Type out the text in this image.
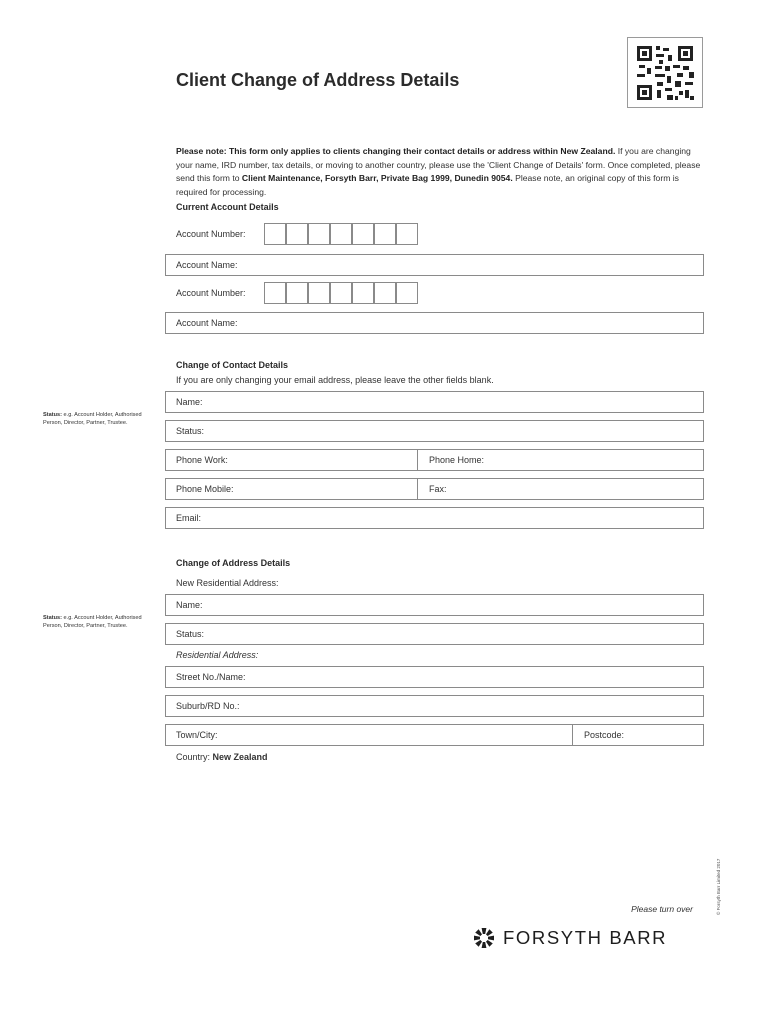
Client Change of Address Details
Please note: This form only applies to clients changing their contact details or address within New Zealand. If you are changing your name, IRD number, tax details, or moving to another country, please use the 'Client Change of Details' form. Once completed, please send this form to Client Maintenance, Forsyth Barr, Private Bag 1999, Dunedin 9054. Please note, an original copy of this form is required for processing.
Current Account Details
Account Number:
Account Name:
Account Number:
Account Name:
Change of Contact Details
If you are only changing your email address, please leave the other fields blank.
Name:
Status: e.g. Account Holder, Authorised Person, Director, Partner, Trustee.
Status:
Phone Work:	Phone Home:
Phone Mobile:	Fax:
Email:
Change of Address Details
New Residential Address:
Name:
Status: e.g. Account Holder, Authorised Person, Director, Partner, Trustee.
Status:
Residential Address:
Street No./Name:
Suburb/RD No.:
Town/City:	Postcode:
Country: New Zealand
Please turn over
FORSYTH BARR
© Forsyth Barr Limited 2017
